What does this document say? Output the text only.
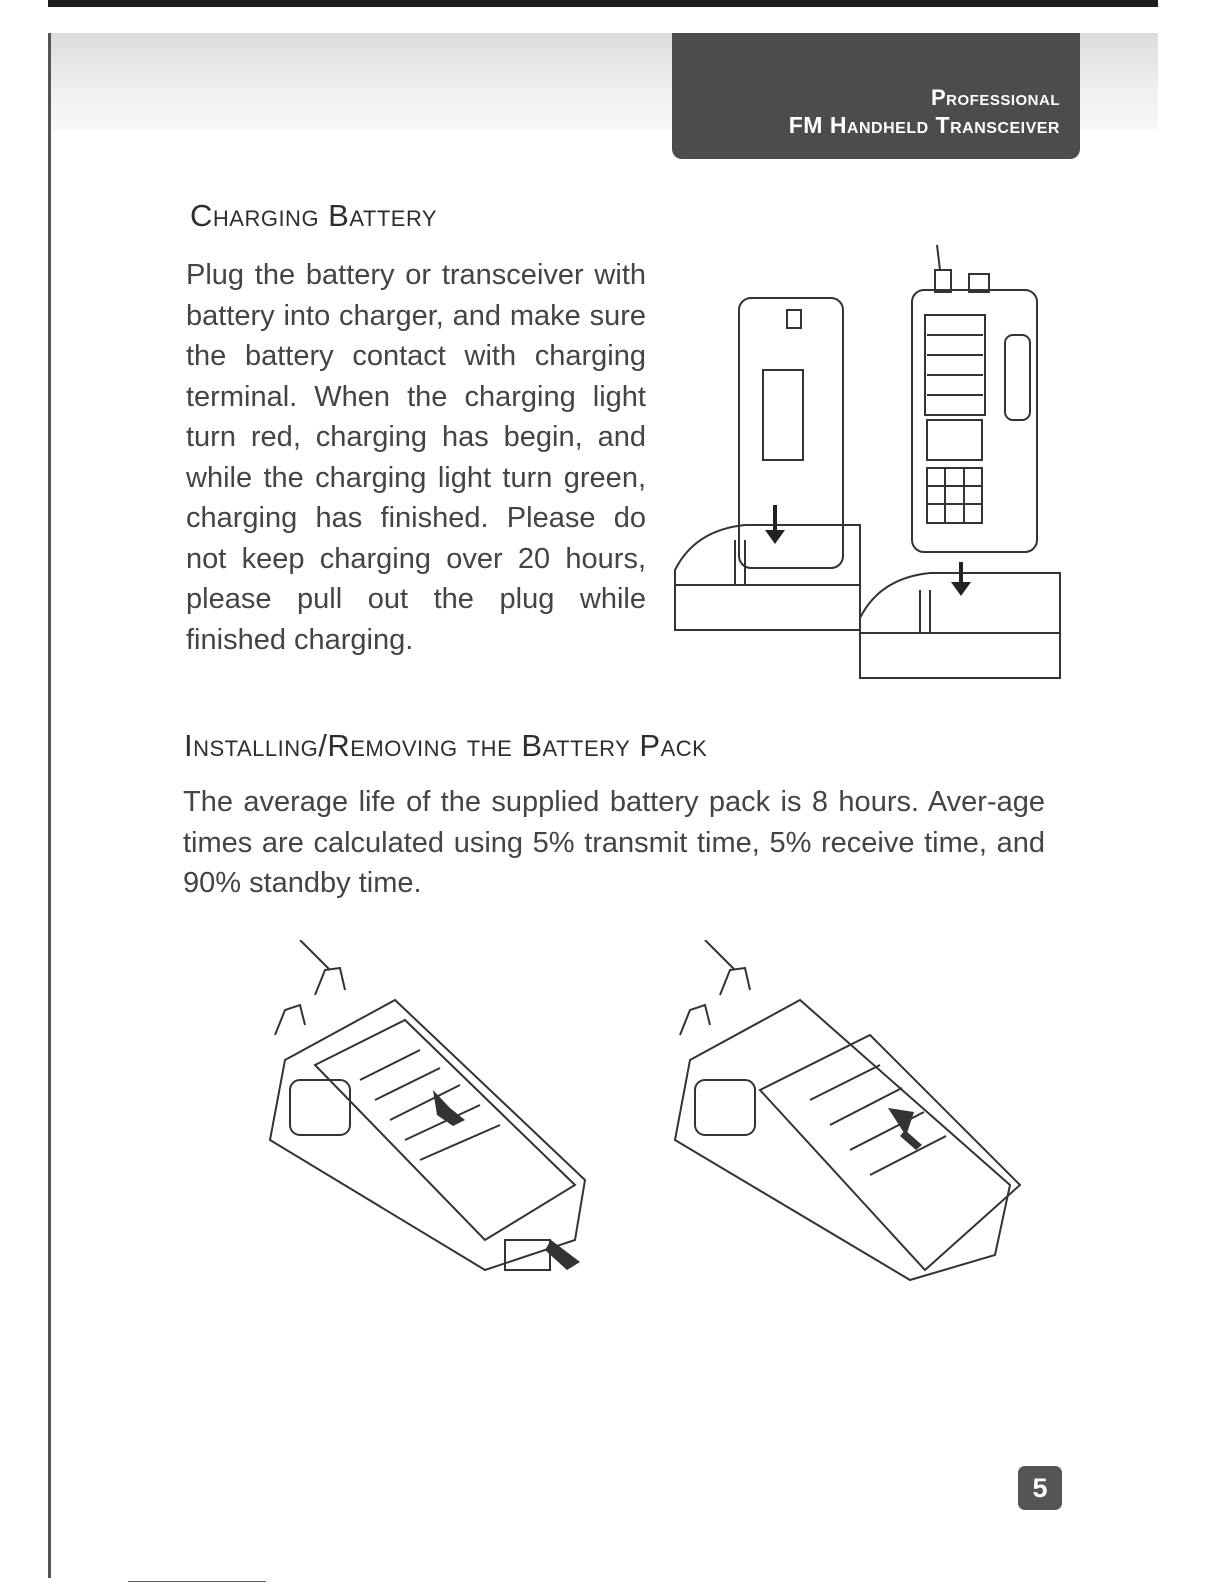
Professional
FM Handheld Transceiver
Charging Battery
Plug the battery or transceiver with battery into charger, and make sure the battery contact with charging terminal. When the charging light turn red, charging has begin, and while the charging light turn green, charging has finished. Please do not keep charging over 20 hours, please pull out the plug while finished charging.
Installing/Removing the Battery Pack
The average life of the supplied battery pack is 8 hours. Aver-age times are calculated using 5% transmit time, 5% receive time, and 90% standby time.
5
